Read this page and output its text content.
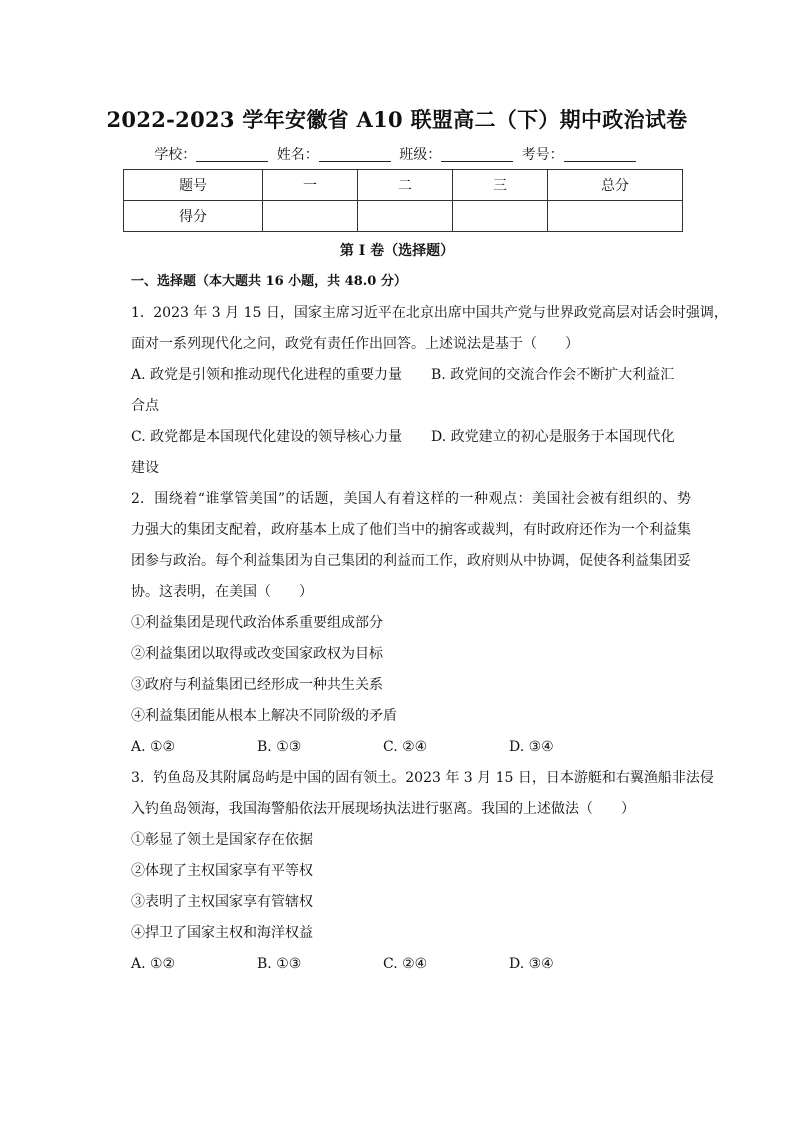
2022-2023 学年安徽省 A10 联盟高二（下）期中政治试卷
学校：	姓名：	班级：	考号：
题号	一	二	三	总分
得分				
第 I 卷（选择题）
一、选择题（本大题共 16 小题，共 48.0 分）
1.  2023 年 3 月 15 日，国家主席习近平在北京出席中国共产党与世界政党高层对话会时强调，
面对一系列现代化之问，政党有责任作出回答。上述说法是基于（　　）
A. 政党是引领和推动现代化进程的重要力量	B. 政党间的交流合作会不断扩大利益汇
合点
C. 政党都是本国现代化建设的领导核心力量	D. 政党建立的初心是服务于本国现代化
建设
2.  围绕着“谁掌管美国”的话题，美国人有着这样的一种观点：美国社会被有组织的、势
力强大的集团支配着，政府基本上成了他们当中的掮客或裁判，有时政府还作为一个利益集
团参与政治。每个利益集团为自己集团的利益而工作，政府则从中协调，促使各利益集团妥
协。这表明，在美国（　　）
①利益集团是现代政治体系重要组成部分
②利益集团以取得或改变国家政权为目标
③政府与利益集团已经形成一种共生关系
④利益集团能从根本上解决不同阶级的矛盾
A. ①②	B. ①③	C. ②④	D. ③④
3.  钓鱼岛及其附属岛屿是中国的固有领土。2023 年 3 月 15 日，日本游艇和右翼渔船非法侵
入钓鱼岛领海，我国海警船依法开展现场执法进行驱离。我国的上述做法（　　）
①彰显了领土是国家存在依据
②体现了主权国家享有平等权
③表明了主权国家享有管辖权
④捍卫了国家主权和海洋权益
A. ①②	B. ①③	C. ②④	D. ③④
